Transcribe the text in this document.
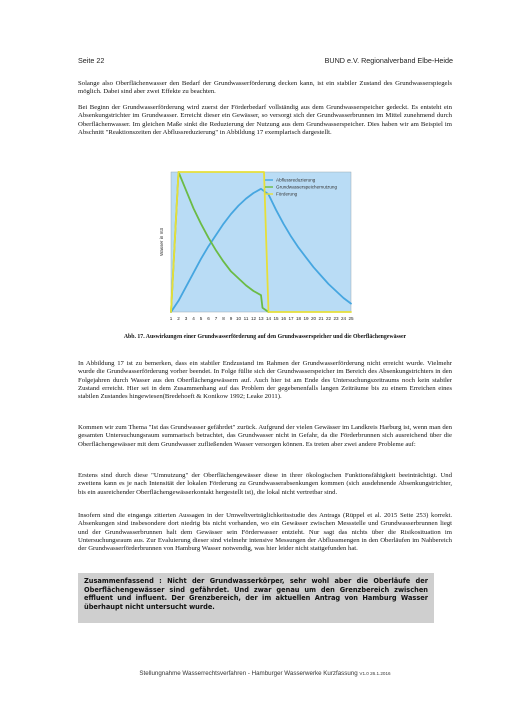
Seite 22	BUND e.V. Regionalverband Elbe-Heide

Solange also Oberflächenwasser den Bedarf der Grundwasserförderung decken kann, ist ein stabiler Zustand des Grundwasserspiegels möglich. Dabei sind aber zwei Effekte zu beachten.

Bei Beginn der Grundwasserförderung wird zuerst der Förderbedarf vollständig aus dem Grundwasserspeicher gedeckt. Es entsteht ein Absenkungstrichter im Grundwasser. Erreicht dieser ein Gewässer, so versorgt sich der Grundwasserbrunnen im Mittel zunehmend durch Oberflächenwasser. Im gleichen Maße sinkt die Reduzierung der Nutzung aus dem Grundwasserspeicher. Dies haben wir am Beispiel im Abschnitt "Reaktionszeiten der Abflussreduzierung" in Abbildung 17 exemplarisch dargestellt.

Wasser in m3
1 2 3 4 5 6 7 8 9 10 11 12 13 14 15 16 17 18 19 20 21 22 23 24 25
Abflussreduzierung
Grundwasserspeichernutzung
Förderung
Abb. 17. Auswirkungen einer Grundwasserförderung auf den Grundwasserspeicher und die Oberflächengewässer

In Abbildung 17 ist zu bemerken, dass ein stabiler Endzustand im Rahmen der Grundwasserförderung nicht erreicht wurde. Vielmehr wurde die Grundwasserförderung vorher beendet. In Folge füllte sich der Grundwasserspeicher im Bereich des Absenkungstrichters in den Folgejahren durch Wasser aus den Oberflächengewässern auf. Auch hier ist am Ende des Untersuchungszeitraums noch kein stabiler Zustand erreicht. Hier sei in dem Zusammenhang auf das Problem der gegebenenfalls langen Zeiträume bis zu einem Erreichen eines stabilen Zustandes hingewiesen(Bredehoeft & Konikow 1992; Leake 2011).

Kommen wir zum Thema "Ist das Grundwasser gefährdet" zurück. Aufgrund der vielen Gewässer im Landkreis Harburg ist, wenn man den gesamten Untersuchungsraum summarisch betrachtet, das Grundwasser nicht in Gefahr, da die Förderbrunnen sich ausreichend über die Oberflächengewässer mit dem Grundwasser zufließenden Wasser versorgen können. Es treten aber zwei andere Probleme auf:

Erstens sind durch diese "Umnutzung" der Oberflächengewässer diese in ihrer ökologischen Funktionsfähigkeit beeinträchtigt. Und zweitens kann es je nach Intensität der lokalen Förderung zu Grundwasserabsenkungen kommen (sich ausdehnende Absenkungstrichter, bis ein ausreichender Oberflächengewässerkontakt hergestellt ist), die lokal nicht vertretbar sind.

Insofern sind die eingangs zitierten Aussagen in der Umweltverträglichkeitsstudie des Antrags (Rüppel et al. 2015 Seite 253) korrekt. Absenkungen sind insbesondere dort niedrig bis nicht vorhanden, wo ein Gewässer zwischen Messstelle und Grundwasserbrunnen liegt und der Grundwasserbrunnen halt dem Gewässer sein Förderwasser entzieht. Nur sagt das nichts über die Risikosituation im Untersuchungsraum aus. Zur Evaluierung dieser sind vielmehr intensive Messungen der Abflussmengen in den Oberläufen im Nahbereich der Grundwasserförderbrunnen von Hamburg Wasser notwendig, was hier leider nicht stattgefunden hat.

Zusammenfassend : Nicht der Grundwasserkörper, sehr wohl aber die Oberläufe der Oberflächengewässer sind gefährdet. Und zwar genau um den Grenzbereich zwischen effluent und influent. Der Grenzbereich, der im aktuellen Antrag von Hamburg Wasser überhaupt nicht untersucht wurde.
Stellungnahme Wasserrechtsverfahren - Hamburger Wasserwerke Kurzfassung V1.0 26.1.2016
